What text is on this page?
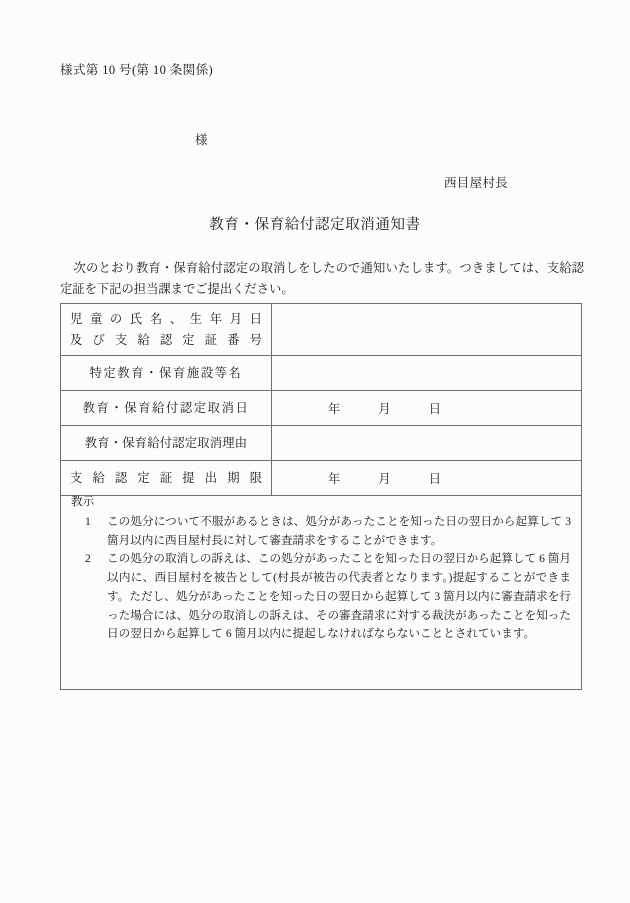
様式第 10 号(第 10 条関係)
様
西目屋村長
教育・保育給付認定取消通知書
次のとおり教育・保育給付認定の取消しをしたので通知いたします。つきましては、支給認定証を下記の担当課までご提出ください。
児童の氏名、生年月日
及び支給認定証番号	

特定教育・保育施設等名	

教育・保育給付認定取消日	年　　　月　　　日

教育・保育給付認定取消理由	

支給認定証提出期限	年　　　月　　　日
教示
1	この処分について不服があるときは、処分があったことを知った日の翌日から起算して 3 箇月以内に西目屋村長に対して審査請求をすることができます。
2	この処分の取消しの訴えは、この処分があったことを知った日の翌日から起算して 6 箇月以内に、西目屋村を被告として(村長が被告の代表者となります。)提起することができます。ただし、処分があったことを知った日の翌日から起算して 3 箇月以内に審査請求を行った場合には、処分の取消しの訴えは、その審査請求に対する裁決があったことを知った日の翌日から起算して 6 箇月以内に提起しなければならないこととされています。
